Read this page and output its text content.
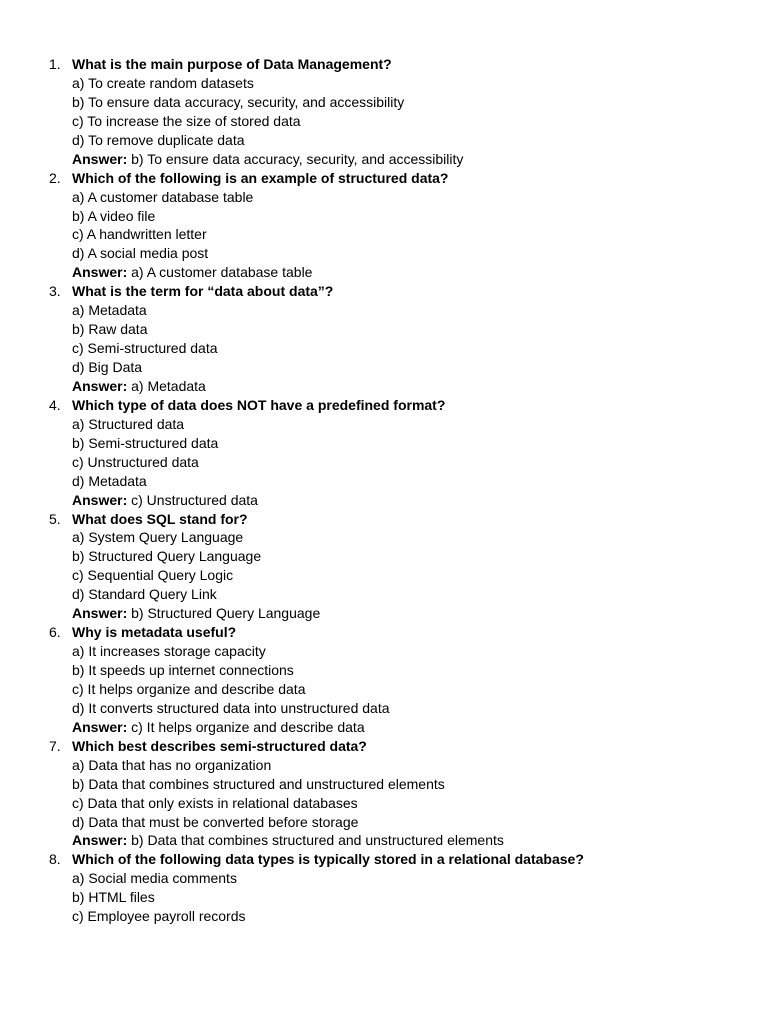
1. What is the main purpose of Data Management?
a) To create random datasets
b) To ensure data accuracy, security, and accessibility
c) To increase the size of stored data
d) To remove duplicate data
Answer: b) To ensure data accuracy, security, and accessibility
2. Which of the following is an example of structured data?
a) A customer database table
b) A video file
c) A handwritten letter
d) A social media post
Answer: a) A customer database table
3. What is the term for “data about data”?
a) Metadata
b) Raw data
c) Semi-structured data
d) Big Data
Answer: a) Metadata
4. Which type of data does NOT have a predefined format?
a) Structured data
b) Semi-structured data
c) Unstructured data
d) Metadata
Answer: c) Unstructured data
5. What does SQL stand for?
a) System Query Language
b) Structured Query Language
c) Sequential Query Logic
d) Standard Query Link
Answer: b) Structured Query Language
6. Why is metadata useful?
a) It increases storage capacity
b) It speeds up internet connections
c) It helps organize and describe data
d) It converts structured data into unstructured data
Answer: c) It helps organize and describe data
7. Which best describes semi-structured data?
a) Data that has no organization
b) Data that combines structured and unstructured elements
c) Data that only exists in relational databases
d) Data that must be converted before storage
Answer: b) Data that combines structured and unstructured elements
8. Which of the following data types is typically stored in a relational database?
a) Social media comments
b) HTML files
c) Employee payroll records
